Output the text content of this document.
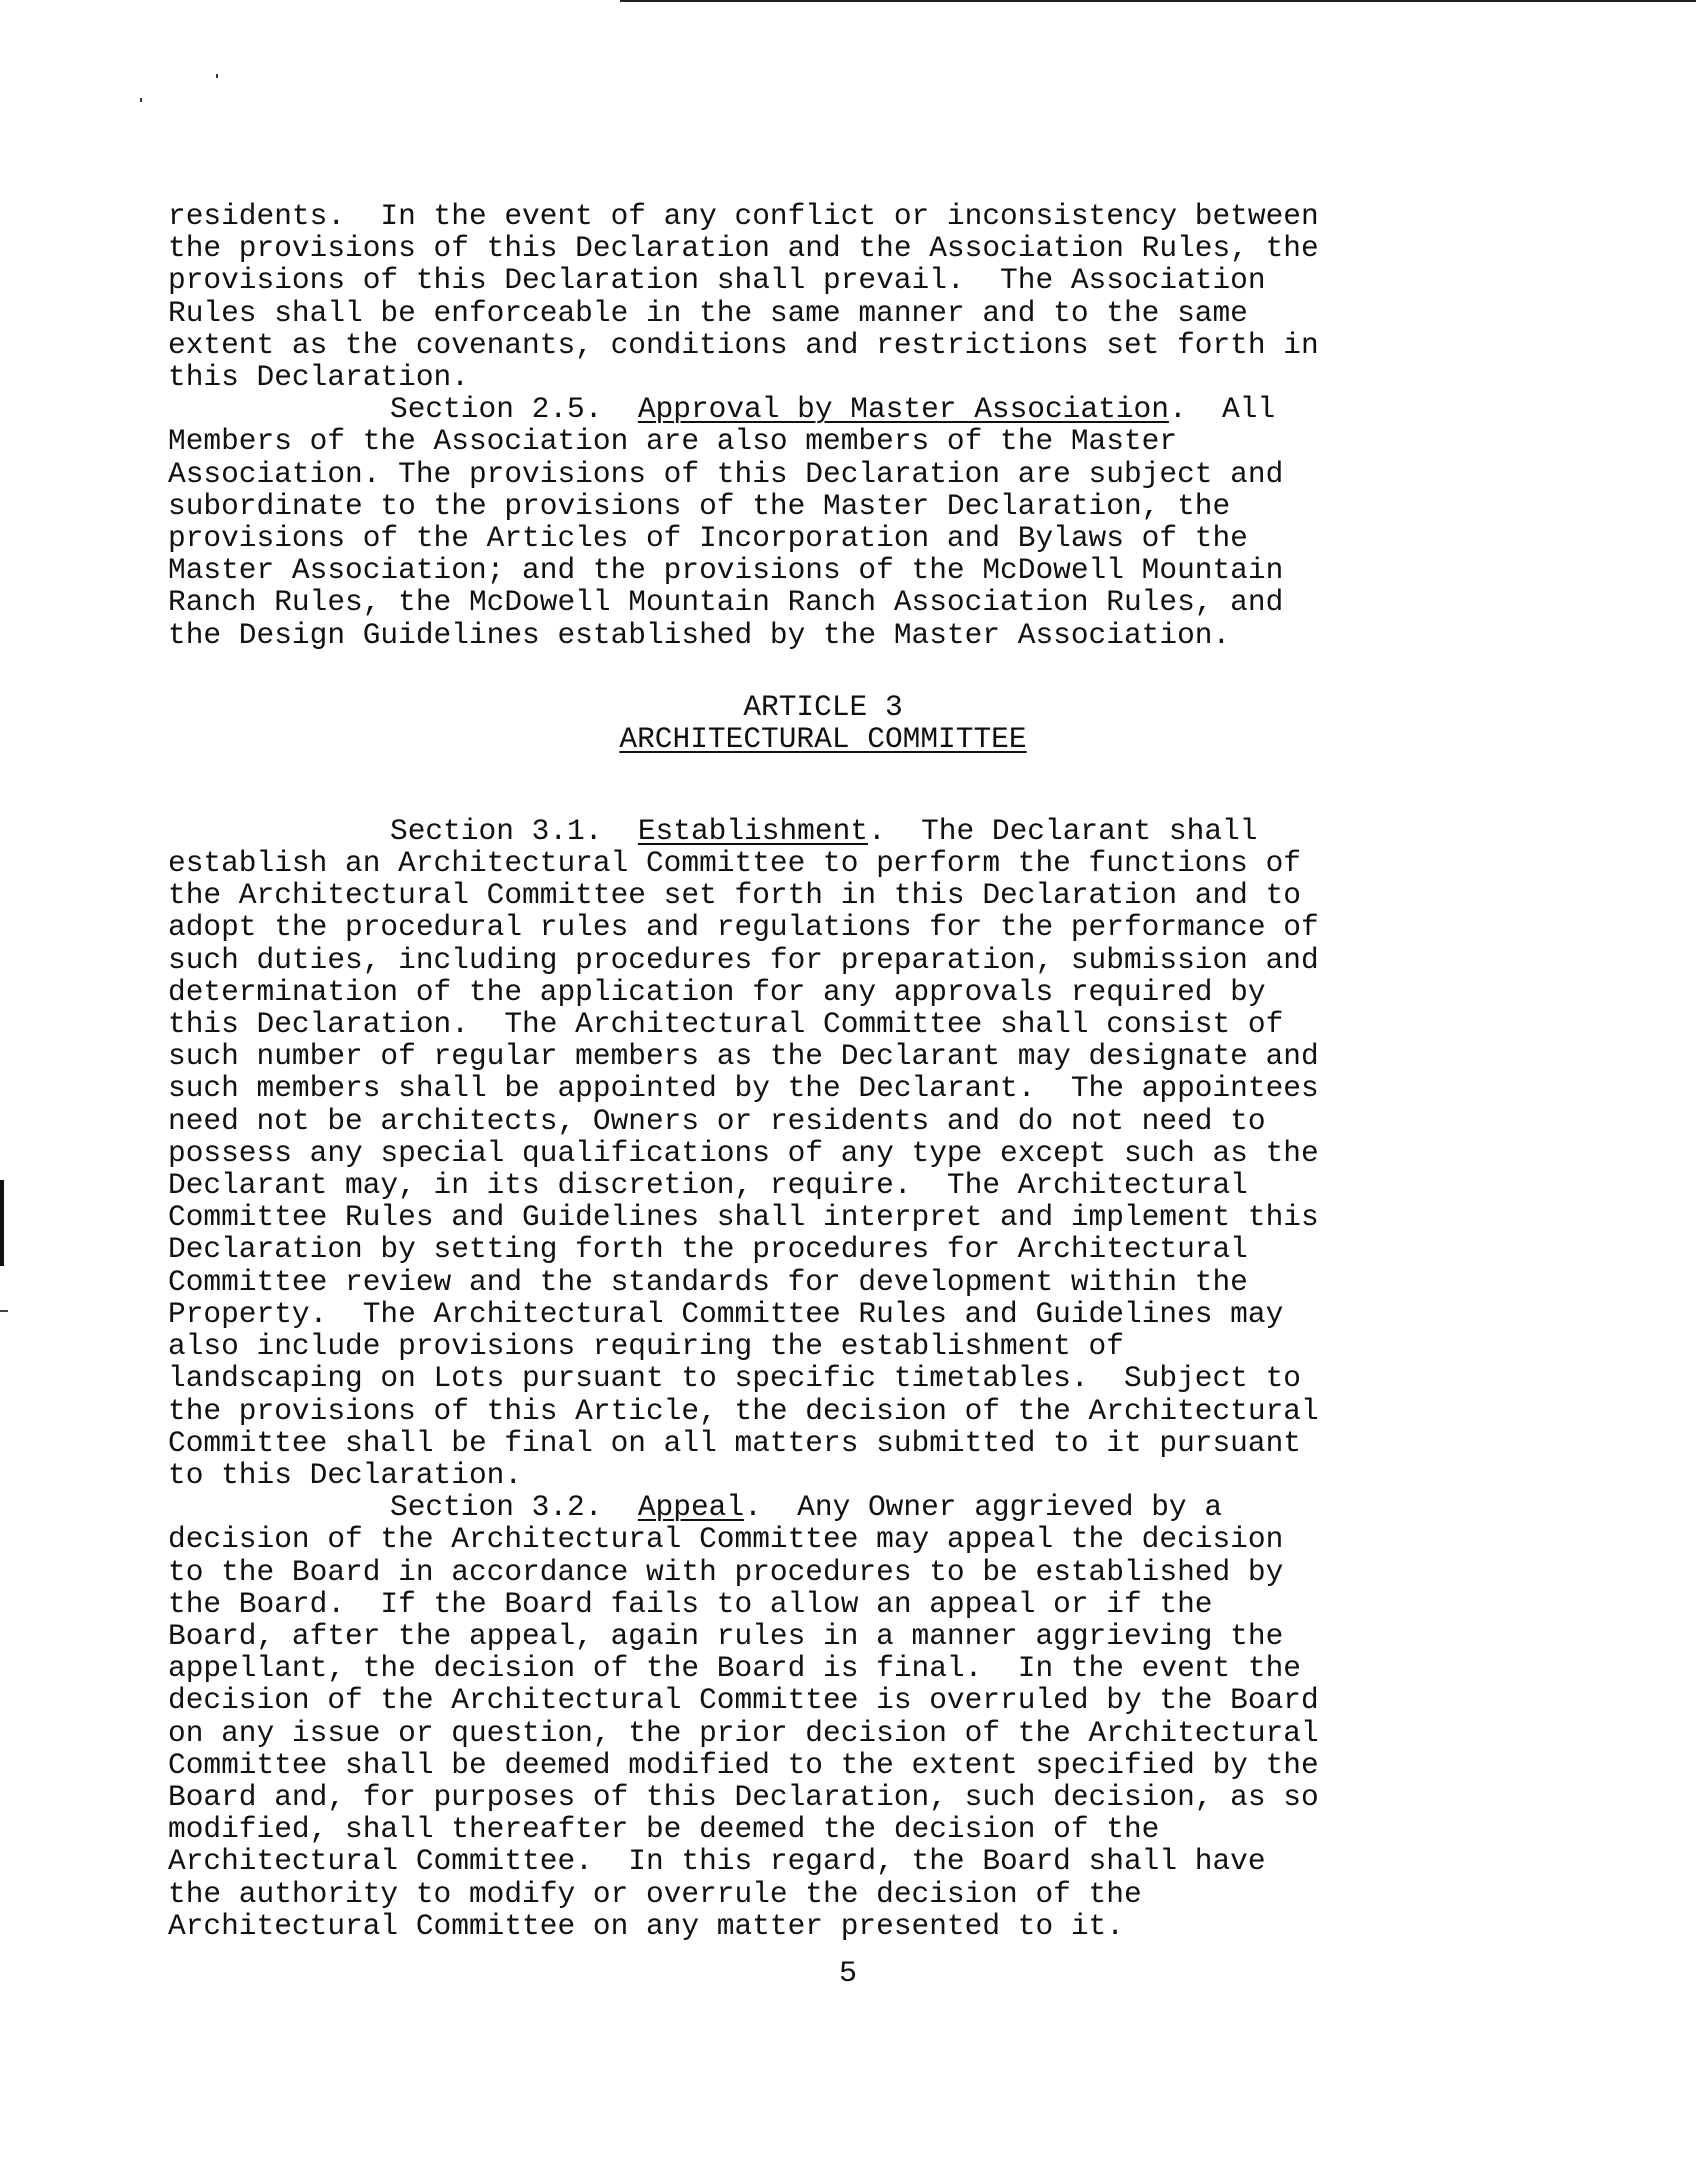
residents.  In the event of any conflict or inconsistency between
the provisions of this Declaration and the Association Rules, the
provisions of this Declaration shall prevail.  The Association
Rules shall be enforceable in the same manner and to the same
extent as the covenants, conditions and restrictions set forth in
this Declaration.
Section 2.5. Approval by Master Association.  All
Members of the Association are also members of the Master
Association. The provisions of this Declaration are subject and
subordinate to the provisions of the Master Declaration, the
provisions of the Articles of Incorporation and Bylaws of the
Master Association; and the provisions of the McDowell Mountain
Ranch Rules, the McDowell Mountain Ranch Association Rules, and
the Design Guidelines established by the Master Association.
ARTICLE 3
ARCHITECTURAL COMMITTEE
Section 3.1. Establishment.  The Declarant shall
establish an Architectural Committee to perform the functions of
the Architectural Committee set forth in this Declaration and to
adopt the procedural rules and regulations for the performance of
such duties, including procedures for preparation, submission and
determination of the application for any approvals required by
this Declaration.  The Architectural Committee shall consist of
such number of regular members as the Declarant may designate and
such members shall be appointed by the Declarant.  The appointees
need not be architects, Owners or residents and do not need to
possess any special qualifications of any type except such as the
Declarant may, in its discretion, require.  The Architectural
Committee Rules and Guidelines shall interpret and implement this
Declaration by setting forth the procedures for Architectural
Committee review and the standards for development within the
Property.  The Architectural Committee Rules and Guidelines may
also include provisions requiring the establishment of
landscaping on Lots pursuant to specific timetables.  Subject to
the provisions of this Article, the decision of the Architectural
Committee shall be final on all matters submitted to it pursuant
to this Declaration.
Section 3.2. Appeal.  Any Owner aggrieved by a
decision of the Architectural Committee may appeal the decision
to the Board in accordance with procedures to be established by
the Board.  If the Board fails to allow an appeal or if the
Board, after the appeal, again rules in a manner aggrieving the
appellant, the decision of the Board is final.  In the event the
decision of the Architectural Committee is overruled by the Board
on any issue or question, the prior decision of the Architectural
Committee shall be deemed modified to the extent specified by the
Board and, for purposes of this Declaration, such decision, as so
modified, shall thereafter be deemed the decision of the
Architectural Committee.  In this regard, the Board shall have
the authority to modify or overrule the decision of the
Architectural Committee on any matter presented to it.
5
